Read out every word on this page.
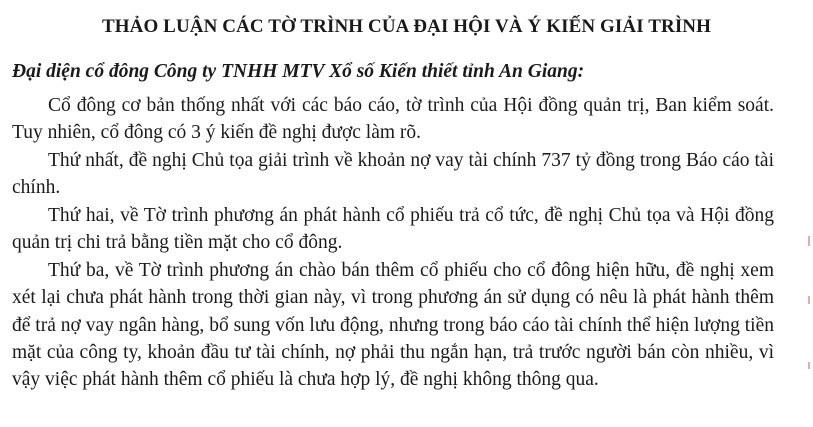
THẢO LUẬN CÁC TỜ TRÌNH CỦA ĐẠI HỘI VÀ Ý KIẾN GIẢI TRÌNH
Đại diện cổ đông Công ty TNHH MTV Xổ số Kiến thiết tỉnh An Giang:

Cổ đông cơ bản thống nhất với các báo cáo, tờ trình của Hội đồng quản trị, Ban kiểm soát. Tuy nhiên, cổ đông có 3 ý kiến đề nghị được làm rõ.

Thứ nhất, đề nghị Chủ tọa giải trình về khoản nợ vay tài chính 737 tỷ đồng trong Báo cáo tài chính.

Thứ hai, về Tờ trình phương án phát hành cổ phiếu trả cổ tức, đề nghị Chủ tọa và Hội đồng quản trị chi trả bằng tiền mặt cho cổ đông.

Thứ ba, về Tờ trình phương án chào bán thêm cổ phiếu cho cổ đông hiện hữu, đề nghị xem xét lại chưa phát hành trong thời gian này, vì trong phương án sử dụng có nêu là phát hành thêm để trả nợ vay ngân hàng, bổ sung vốn lưu động, nhưng trong báo cáo tài chính thể hiện lượng tiền mặt của công ty, khoản đầu tư tài chính, nợ phải thu ngắn hạn, trả trước người bán còn nhiều, vì vậy việc phát hành thêm cổ phiếu là chưa hợp lý, đề nghị không thông qua.
